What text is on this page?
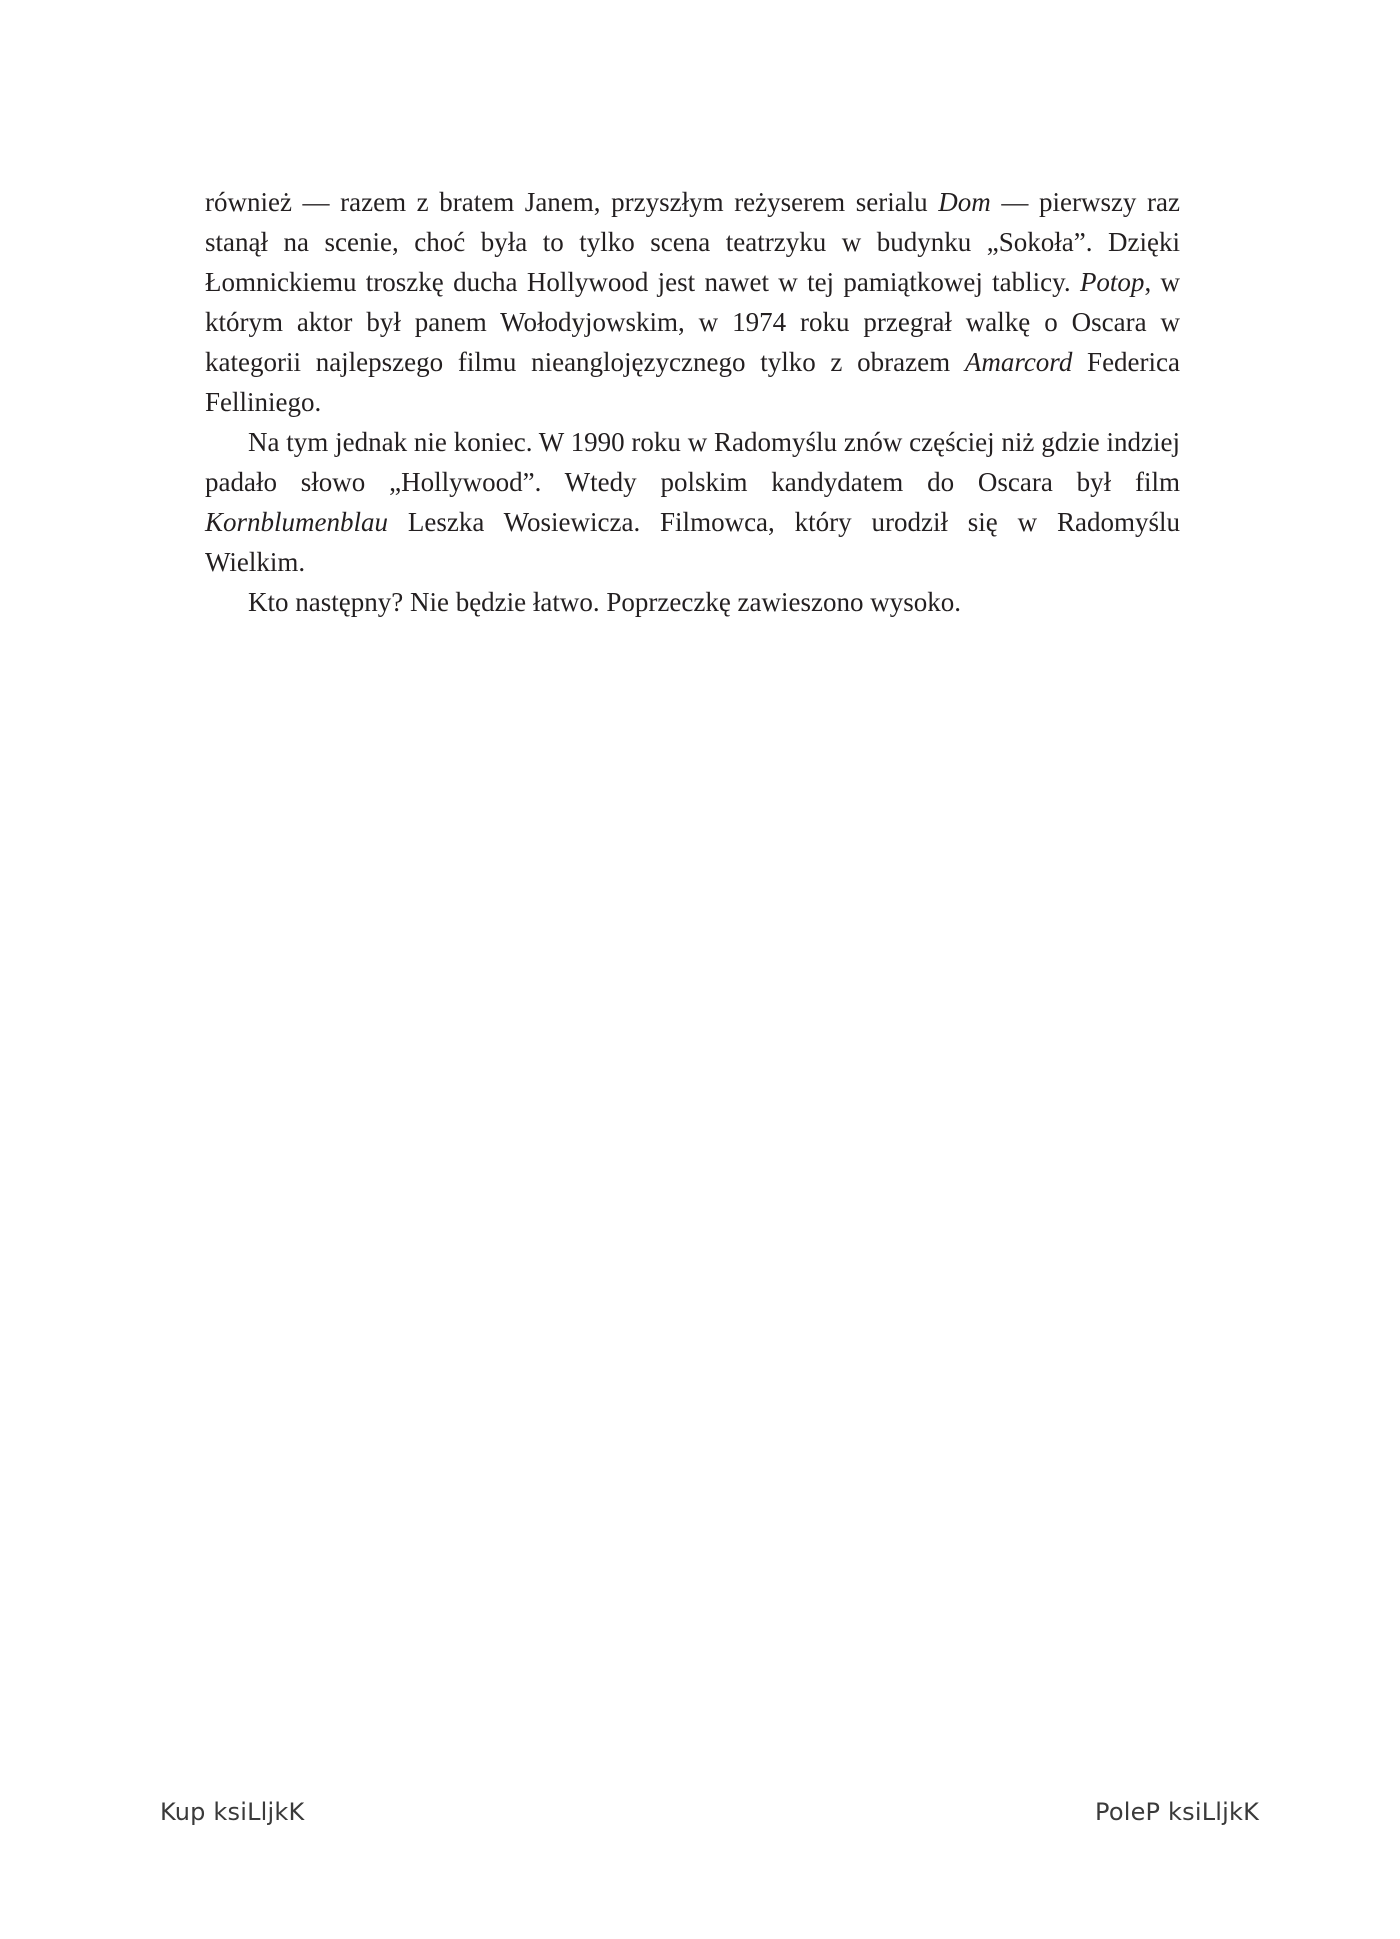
również — razem z bratem Janem, przyszłym reżyserem serialu Dom — pierwszy raz stanął na scenie, choć była to tylko scena teatrzyku w budynku „Sokoła”. Dzięki Łomnickiemu troszkę ducha Hollywood jest nawet w tej pamiątkowej tablicy. Potop, w którym aktor był panem Wołodyjowskim, w 1974 roku przegrał walkę o Oscara w kategorii najlepszego filmu nieanglojęzycznego tylko z obrazem Amarcord Federica Felliniego.

Na tym jednak nie koniec. W 1990 roku w Radomyślu znów częściej niż gdzie indziej padało słowo „Hollywood”. Wtedy polskim kandydatem do Oscara był film Kornblumenblau Leszka Wosiewicza. Filmowca, który urodził się w Radomyślu Wielkim.

Kto następny? Nie będzie łatwo. Poprzeczkę zawieszono wysoko.

Kup ksiLljkK	PoleP ksiLljkK
